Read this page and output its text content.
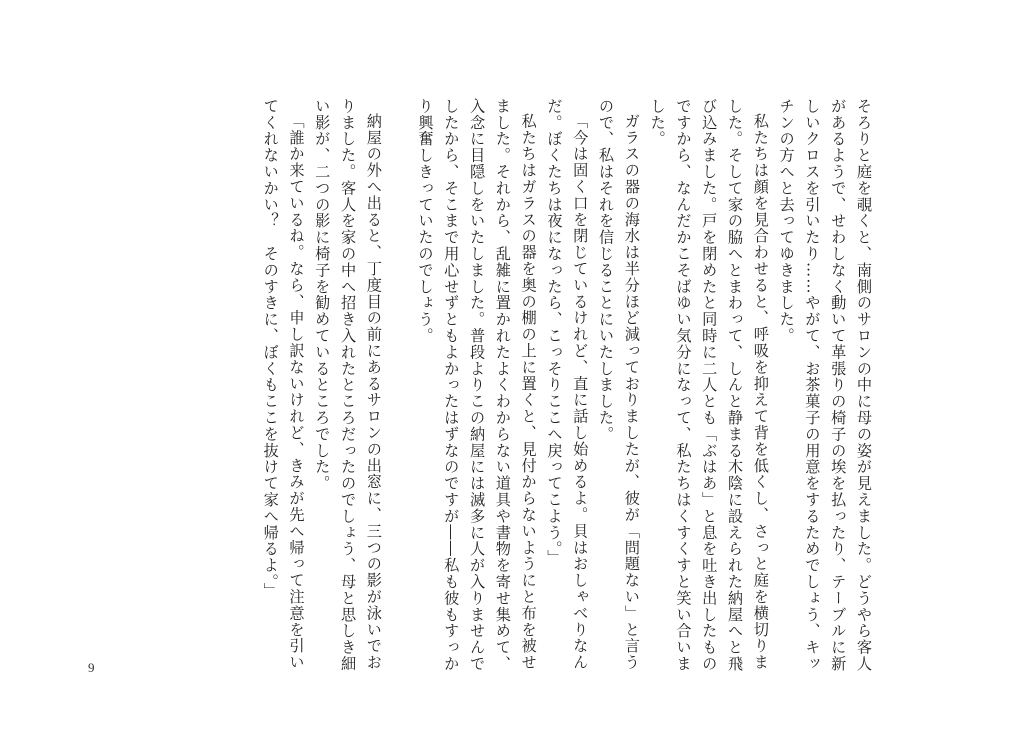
そろりと庭を覗くと、南側のサロンの中に母の姿が見えました。どうやら客人があるようで、せわしなく動いて革張りの椅子の埃を払ったり、テーブルに新しいクロスを引いたり……やがて、お茶菓子の用意をするためでしょう、キッチンの方へと去ってゆきました。

私たちは顔を見合わせると、呼吸を抑えて背を低くし、さっと庭を横切りました。そして家の脇へとまわって、しんと静まる木陰に設えられた納屋へと飛び込みました。戸を閉めたと同時に二人とも「ぶはあ」と息を吐き出したものですから、なんだかこそばゆい気分になって、私たちはくすくすと笑い合いました。

ガラスの器の海水は半分ほど減っておりましたが、彼が「問題ない」と言うので、私はそれを信じることにいたしました。

「今は固く口を閉じているけれど、直に話し始めるよ。貝はおしゃべりなんだ。ぼくたちは夜になったら、こっそりここへ戻ってこよう。」

私たちはガラスの器を奥の棚の上に置くと、見付からないようにと布を被せました。それから、乱雑に置かれたよくわからない道具や書物を寄せ集めて、入念に目隠しをいたしました。普段よりこの納屋には滅多に人が入りませんでしたから、そこまで用心せずともよかったはずなのですが――私も彼もすっかり興奮しきっていたのでしょう。

納屋の外へ出ると、丁度目の前にあるサロンの出窓に、三つの影が泳いでおりました。客人を家の中へ招き入れたところだったのでしょう、母と思しき細い影が、二つの影に椅子を勧めているところでした。

「誰か来ているね。なら、申し訳ないけれど、きみが先へ帰って注意を引いてくれないかい？　そのすきに、ぼくもここを抜けて家へ帰るよ。」

9
